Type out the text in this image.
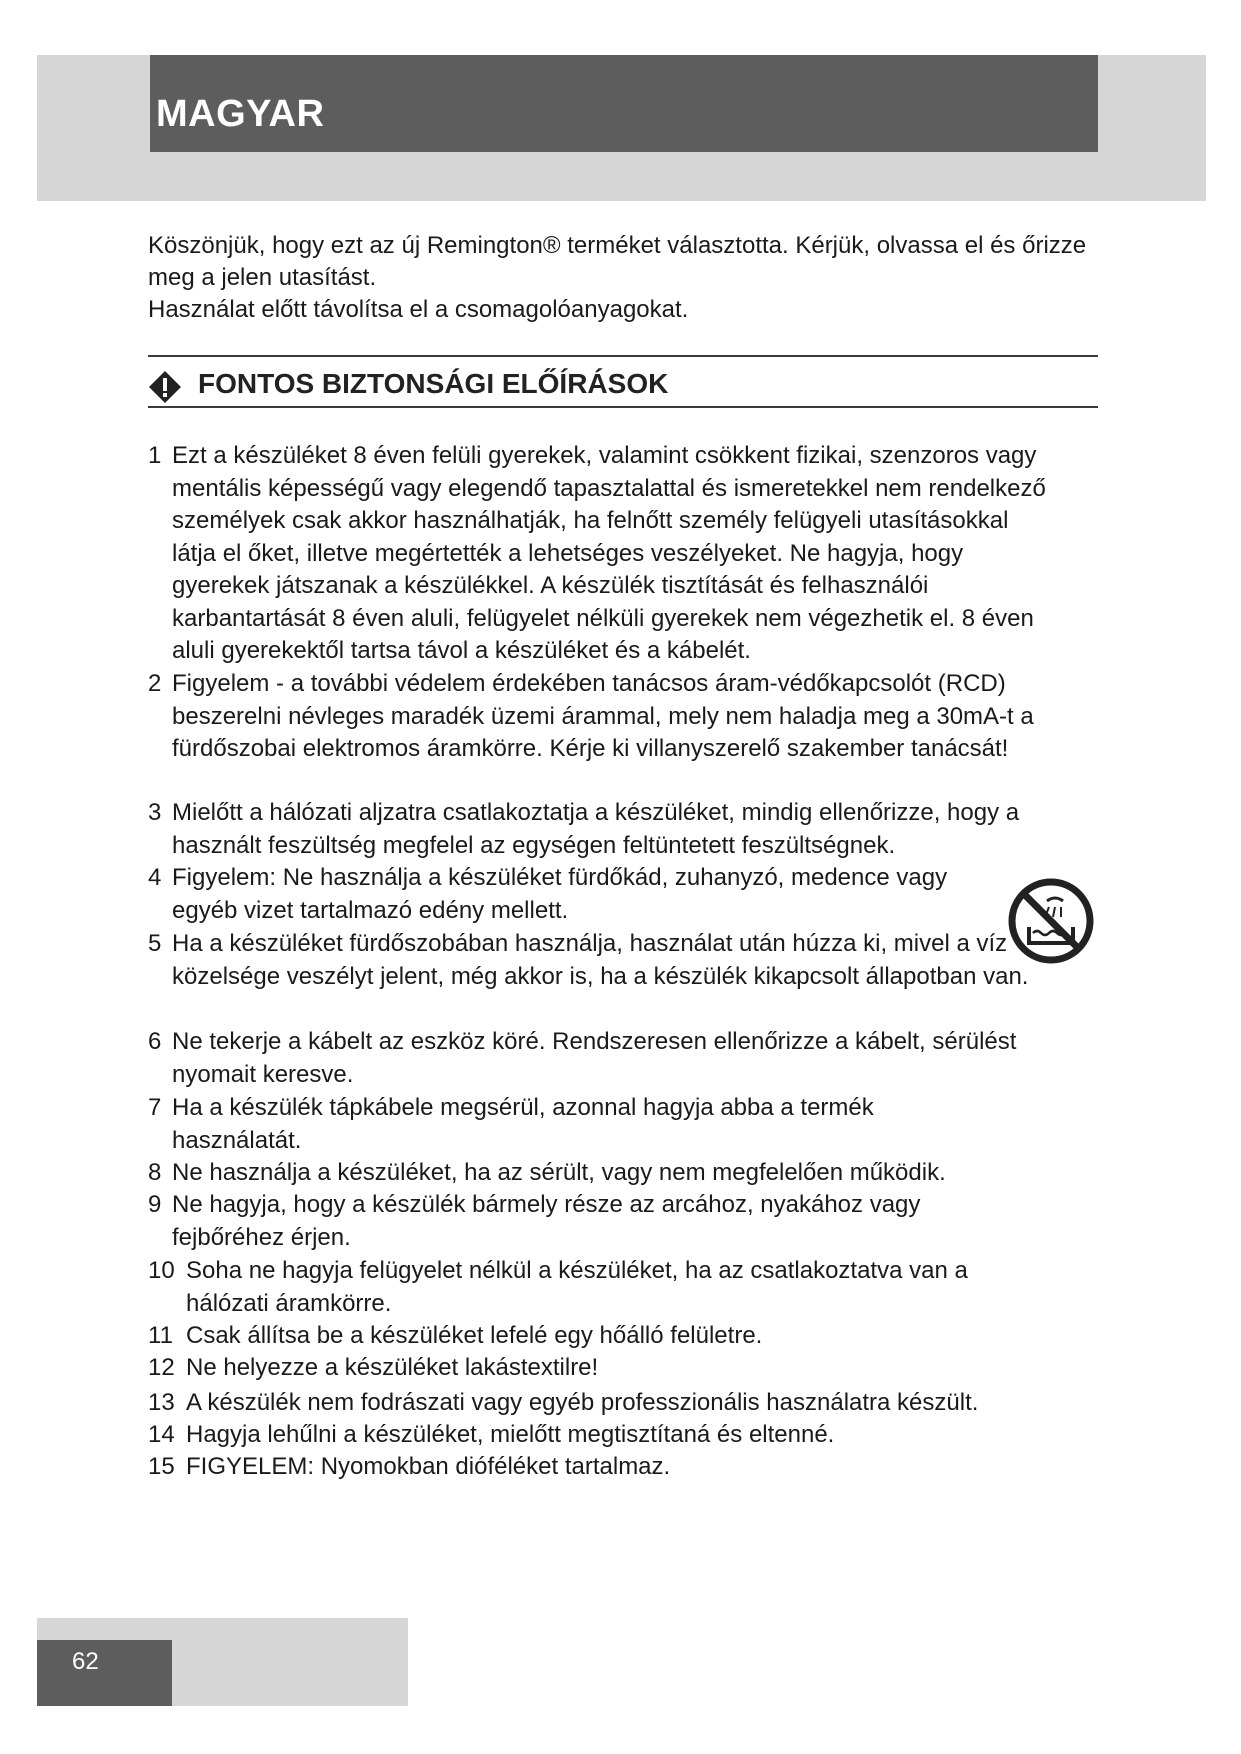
MAGYAR

Köszönjük, hogy ezt az új Remington® terméket választotta. Kérjük, olvassa el és őrizze meg a jelen utasítást.

Használat előtt távolítsa el a csomagolóanyagokat.

FONTOS BIZTONSÁGI ELŐÍRÁSOK
1 Ezt a készüléket 8 éven felüli gyerekek, valamint csökkent fizikai, szenzoros vagy mentális képességű vagy elegendő tapasztalattal és ismeretekkel nem rendelkező személyek csak akkor használhatják, ha felnőtt személy felügyeli utasításokkal látja el őket, illetve megértették a lehetséges veszélyeket. Ne hagyja, hogy gyerekek játszanak a készülékkel. A készülék tisztítását és felhasználói karbantartását 8 éven aluli, felügyelet nélküli gyerekek nem végezhetik el. 8 éven aluli gyerekektől tartsa távol a készüléket és a kábelét.

2 Figyelem - a további védelem érdekében tanácsos áram-védőkapcsolót (RCD) beszerelni névleges maradék üzemi árammal, mely nem haladja meg a 30mA-t a fürdőszobai elektromos áramkörre. Kérje ki villanyszerelő szakember tanácsát!

3 Mielőtt a hálózati aljzatra csatlakoztatja a készüléket, mindig ellenőrizze, hogy a használt feszültség megfelel az egységen feltüntetett feszültségnek.

4 Figyelem: Ne használja a készüléket fürdőkád, zuhanyzó, medence vagy egyéb vizet tartalmazó edény mellett.

5 Ha a készüléket fürdőszobában használja, használat után húzza ki, mivel a víz közelsége veszélyt jelent, még akkor is, ha a készülék kikapcsolt állapotban van.

6 Ne tekerje a kábelt az eszköz köré. Rendszeresen ellenőrizze a kábelt, sérülést nyomait keresve.

7 Ha a készülék tápkábele megsérül, azonnal hagyja abba a termék használatát.

8 Ne használja a készüléket, ha az sérült, vagy nem megfelelően működik.

9 Ne hagyja, hogy a készülék bármely része az arcához, nyakához vagy fejbőréhez érjen.

10 Soha ne hagyja felügyelet nélkül a készüléket, ha az csatlakoztatva van a hálózati áramkörre.

11 Csak állítsa be a készüléket lefelé egy hőálló felületre.

12 Ne helyezze a készüléket lakástextilre!

13 A készülék nem fodrászati vagy egyéb professzionális használatra készült.

14 Hagyja lehűlni a készüléket, mielőtt megtisztítaná és eltenné.

15 FIGYELEM: Nyomokban dióféléket tartalmaz.

62
